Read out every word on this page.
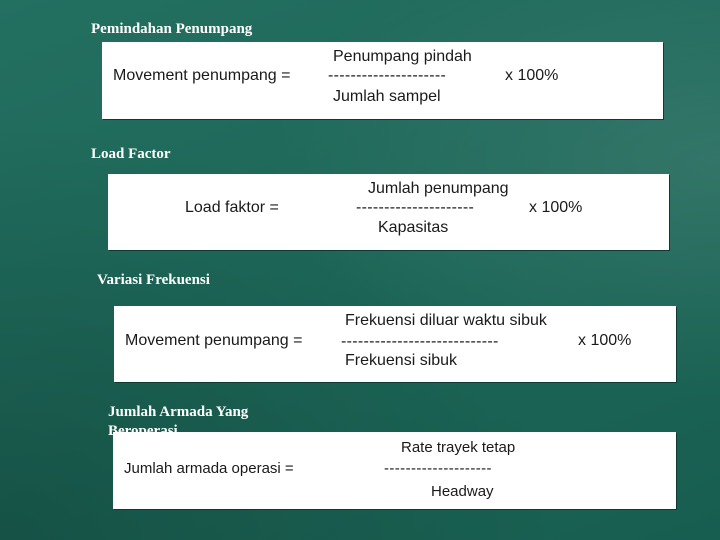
Pemindahan Penumpang
Movement penumpang =
Penumpang pindah
---------------------	x 100%
Jumlah sampel
Load Factor
Load faktor =
Jumlah penumpang
---------------------	x 100%
Kapasitas
Variasi Frekuensi
Movement penumpang =
Frekuensi diluar waktu sibuk
----------------------------	x 100%
Frekuensi sibuk
Jumlah armada operasi =
Rate trayek tetap
--------------------
Headway
Jumlah Armada Yang Beroperasi
